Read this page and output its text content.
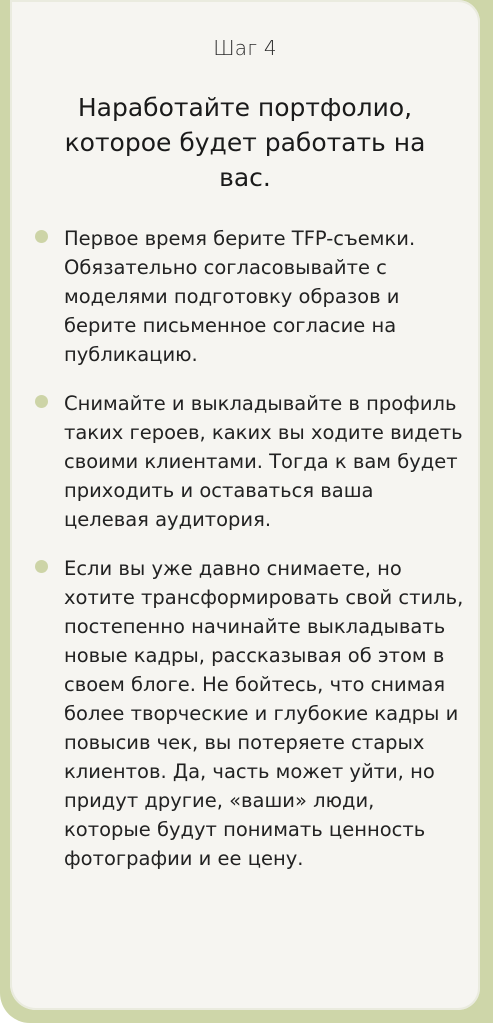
Шаг 4
Наработайте портфолио, которое будет работать на вас.
Первое время берите TFP-съемки. Обязательно согласовывайте с моделями подготовку образов и берите письменное согласие на публикацию.
Снимайте и выкладывайте в профиль таких героев, каких вы ходите видеть своими клиентами. Тогда к вам будет приходить и оставаться ваша целевая аудитория.
Если вы уже давно снимаете, но хотите трансформировать свой стиль, постепенно начинайте выкладывать новые кадры, рассказывая об этом в своем блоге. Не бойтесь, что снимая более творческие и глубокие кадры и повысив чек, вы потеряете старых клиентов. Да, часть может уйти, но придут другие, «ваши» люди, которые будут понимать ценность фотографии и ее цену.
